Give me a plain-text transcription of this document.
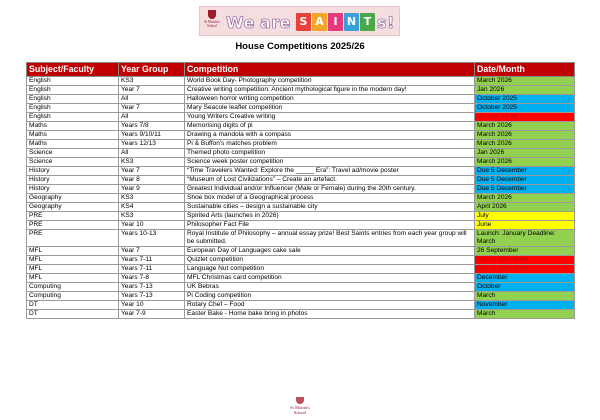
St Martin's School We are S A I N T s!
House Competitions 2025/26
Subject/Faculty	Year Group	Competition	Date/Month
English	KS3	World Book Day- Photography competition	March 2026
English	Year 7	Creative writing competition: Ancient mythological figure in the modern day!	Jan 2026
English	All	Halloween horror writing competition	October 2025
English	Year 7	Mary Seacole leaflet competition	October 2025
English	All	Young Writers Creative writing	Various 25-26
Maths	Years 7/8	Memorising digits of pi	March 2026
Maths	Years 9/10/11	Drawing a mandola with a compass	March 2026
Maths	Years 12/13	Pi & Buffon's matches problem	March 2026
Science	All	Themed photo competition	Jan 2026
Science	KS3	Science week poster competition	March 2026
History	Year 7	“Time Travelers Wanted: Explore the _____ Era”: Travel ad/movie poster	Due 5 December
History	Year 8	“Museum of Lost Civilizations” – Create an artefact.	Due 5 December
History	Year 9	Greatest Individual and/or Influencer (Male or Female) during the 20th century.	Due 5 December
Geography	KS3	Shoe box model of a Geographical process	March 2026
Geography	KS4	Sustainable cities – design a sustainable city	April 2026
PRE	KS3	Spirited Arts (launches in 2026)	July
PRE	Year 10	Philosopher Fact File	June
PRE	Years 10-13	Royal Institute of Philosophy – annual essay prize! Best Saints entries from each year group will be submitted.	Launch: January Deadline: March
MFL	Year 7	European Day of Languages cake sale	26 September
MFL	Years 7-11	Quizlet competition	End of each term
MFL	Years 7-11	Language Nut competition	End of each term
MFL	Years 7-8	MFL Christmas card competition	December
Computing	Years 7-13	UK Bebras	October
Computing	Years 7-13	Pi Coding competition	March
DT	Year 10	Rotary Chef – Food	November
DT	Year 7-9	Easter Bake - Home bake bring in photos	March
St Martin's School
